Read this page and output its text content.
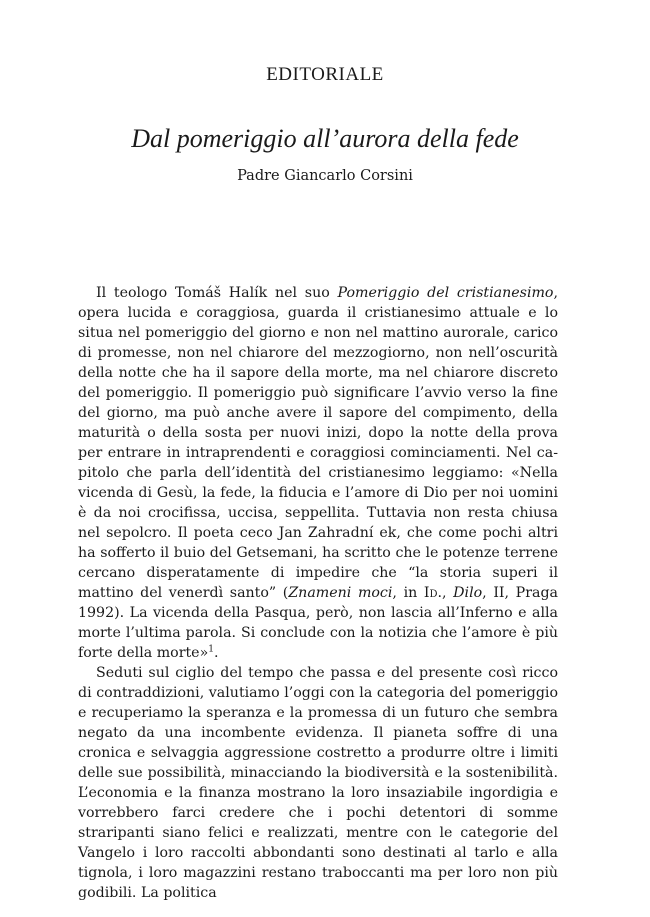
EDITORIALE
Dal pomeriggio all’aurora della fede
Padre Giancarlo Corsini

Il teologo Tomáš Halík nel suo Pomeriggio del cristianesimo, opera lucida e coraggiosa, guarda il cristianesimo attuale e lo situa nel pomeriggio del giorno e non nel mattino aurorale, carico di promesse, non nel chiarore del mezzogiorno, non nell’oscurità della notte che ha il sapore della morte, ma nel chiarore discreto del pomeriggio. Il pomeriggio può significare l’avvio verso la fine del giorno, ma può anche avere il sapore del compimento, della maturità o della sosta per nuovi inizi, dopo la notte della prova per entrare in intraprendenti e coraggiosi cominciamenti. Nel capitolo che parla dell’identità del cristianesimo leggiamo: «Nella vicenda di Gesù, la fede, la fiducia e l’amore di Dio per noi uomini è da noi crocifissa, uccisa, seppellita. Tuttavia non resta chiusa nel sepolcro. Il poeta ceco Jan Zahradní ek, che come pochi altri ha sofferto il buio del Getsemani, ha scritto che le potenze terrene cercano disperatamente di impedire che “la storia superi il mattino del venerdì santo” (Znameni moci, in Id., Dilo, II, Praga 1992). La vicenda della Pasqua, però, non lascia all’Inferno e alla morte l’ultima parola. Si conclude con la notizia che l’amore è più forte della morte»$^1$.

Seduti sul ciglio del tempo che passa e del presente così ricco di contraddizioni, valutiamo l’oggi con la categoria del pomeriggio e recuperiamo la speranza e la promessa di un futuro che sembra negato da una incombente evidenza. Il pianeta soffre di una cronica e selvaggia aggressione costretto a produrre oltre i limiti delle sue possibilità, minacciando la biodiversità e la sostenibilità. L’economia e la finanza mostrano la loro insaziabile ingordigia e vorrebbero farci credere che i pochi detentori di somme straripanti siano felici e realizzati, mentre con le categorie del Vangelo i loro raccolti abbondanti sono destinati al tarlo e alla tignola, i loro magazzini restano traboccanti ma per loro non più godibili. La politica
